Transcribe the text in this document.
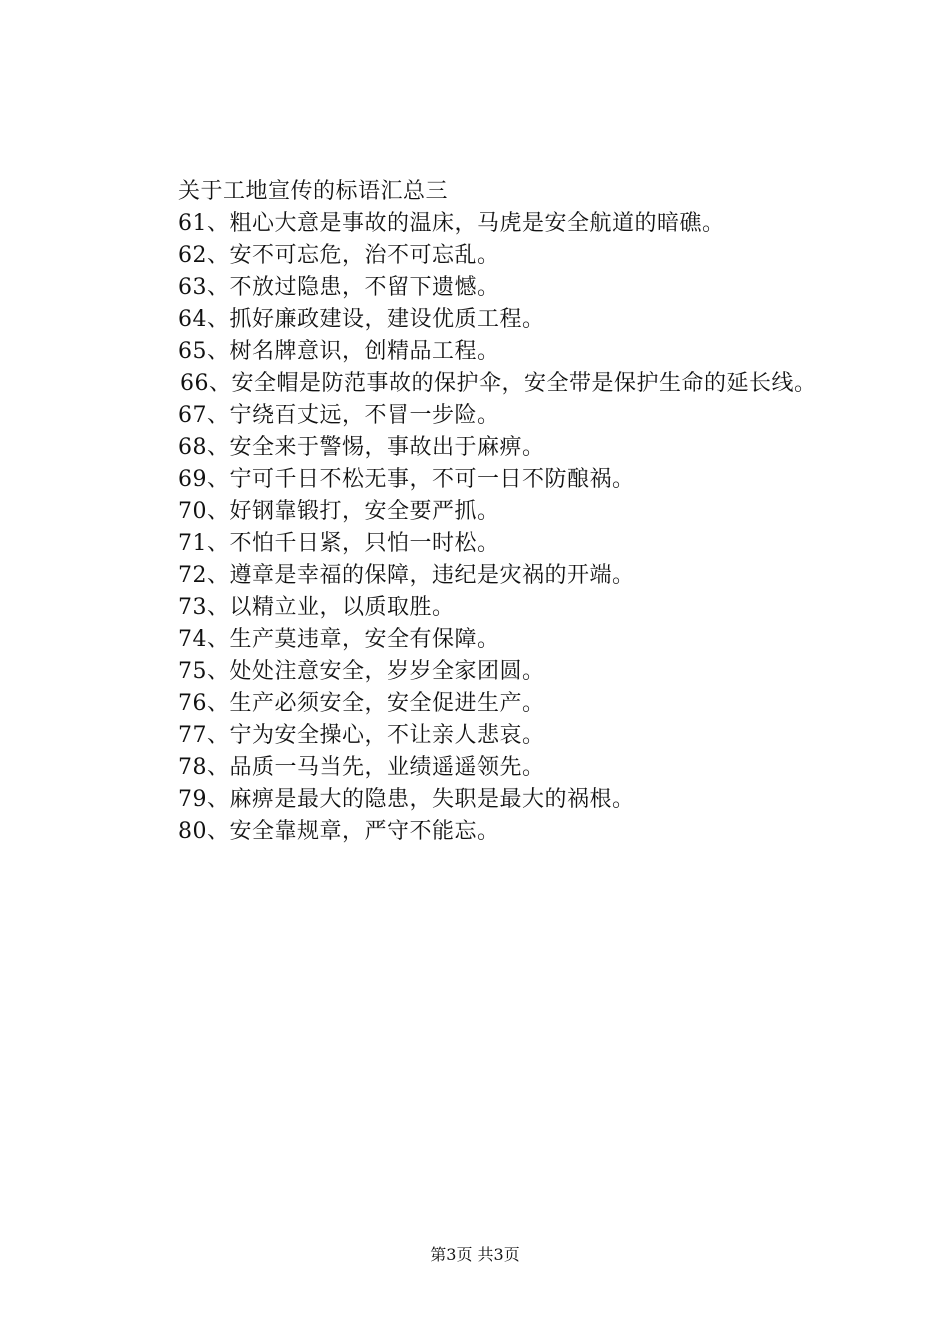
关于工地宣传的标语汇总三
61、粗心大意是事故的温床，马虎是安全航道的暗礁。
62、安不可忘危，治不可忘乱。
63、不放过隐患，不留下遗憾。
64、抓好廉政建设，建设优质工程。
65、树名牌意识，创精品工程。
66、安全帽是防范事故的保护伞，安全带是保护生命的延长线。
67、宁绕百丈远，不冒一步险。
68、安全来于警惕，事故出于麻痹。
69、宁可千日不松无事，不可一日不防酿祸。
70、好钢靠锻打，安全要严抓。
71、不怕千日紧，只怕一时松。
72、遵章是幸福的保障，违纪是灾祸的开端。
73、以精立业，以质取胜。
74、生产莫违章，安全有保障。
75、处处注意安全，岁岁全家团圆。
76、生产必须安全，安全促进生产。
77、宁为安全操心，不让亲人悲哀。
78、品质一马当先，业绩遥遥领先。
79、麻痹是最大的隐患，失职是最大的祸根。
80、安全靠规章，严守不能忘。
第3页 共3页
